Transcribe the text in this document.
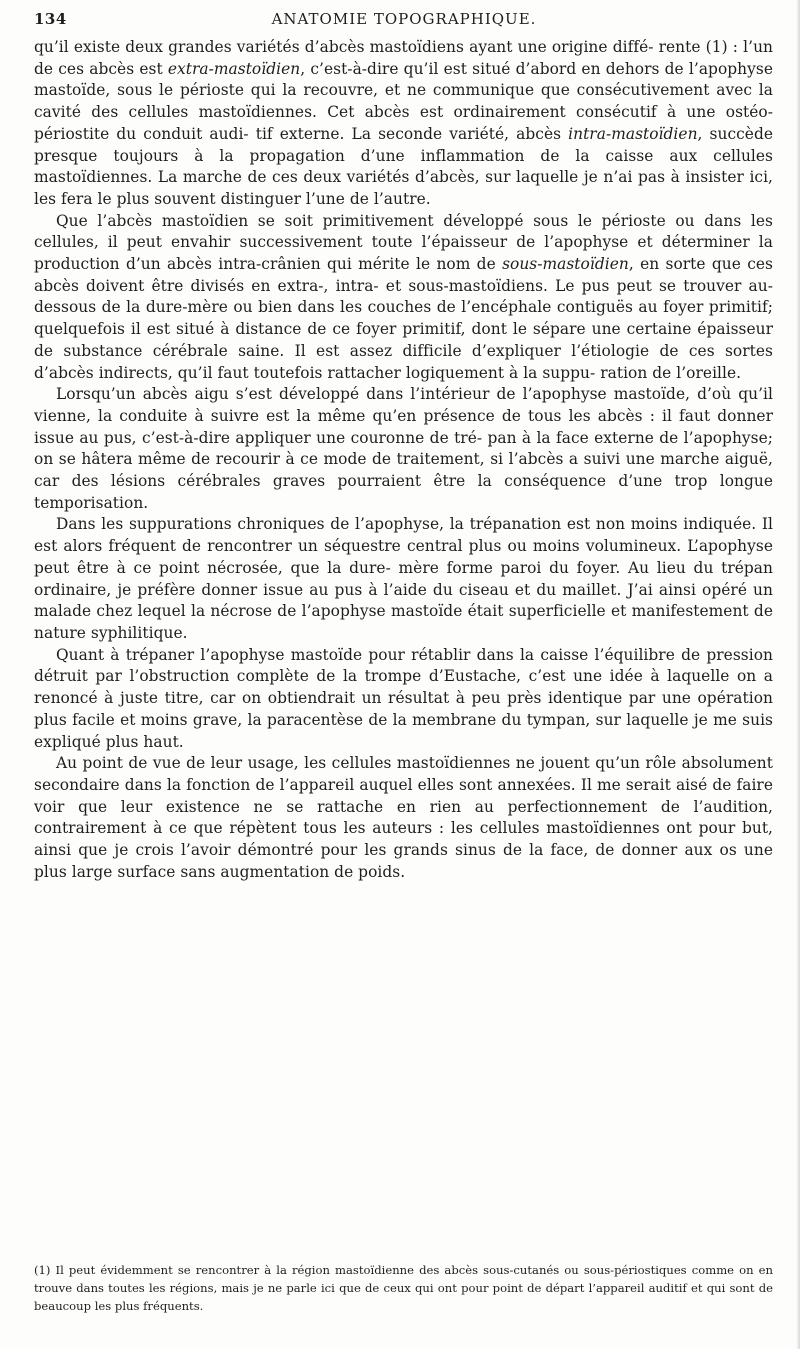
134	ANATOMIE TOPOGRAPHIQUE.

qu’il existe deux grandes variétés d’abcès mastoïdiens ayant une origine diffé- rente (1) : l’un de ces abcès est extra-mastoïdien, c’est-à-dire qu’il est situé d’abord en dehors de l’apophyse mastoïde, sous le périoste qui la recouvre, et ne communique que consécutivement avec la cavité des cellules mastoïdiennes. Cet abcès est ordinairement consécutif à une ostéo-périostite du conduit audi- tif externe. La seconde variété, abcès intra-mastoïdien, succède presque toujours à la propagation d’une inflammation de la caisse aux cellules mastoïdiennes. La marche de ces deux variétés d’abcès, sur laquelle je n’ai pas à insister ici, les fera le plus souvent distinguer l’une de l’autre.

Que l’abcès mastoïdien se soit primitivement développé sous le périoste ou dans les cellules, il peut envahir successivement toute l’épaisseur de l’apophyse et déterminer la production d’un abcès intra-crânien qui mérite le nom de sous-mastoïdien, en sorte que ces abcès doivent être divisés en extra-, intra- et sous-mastoïdiens. Le pus peut se trouver au-dessous de la dure-mère ou bien dans les couches de l’encéphale contiguës au foyer primitif; quelquefois il est situé à distance de ce foyer primitif, dont le sépare une certaine épaisseur de substance cérébrale saine. Il est assez difficile d’expliquer l’étiologie de ces sortes d’abcès indirects, qu’il faut toutefois rattacher logiquement à la suppu- ration de l’oreille.

Lorsqu’un abcès aigu s’est développé dans l’intérieur de l’apophyse mastoïde, d’où qu’il vienne, la conduite à suivre est la même qu’en présence de tous les abcès : il faut donner issue au pus, c’est-à-dire appliquer une couronne de tré- pan à la face externe de l’apophyse; on se hâtera même de recourir à ce mode de traitement, si l’abcès a suivi une marche aiguë, car des lésions cérébrales graves pourraient être la conséquence d’une trop longue temporisation.

Dans les suppurations chroniques de l’apophyse, la trépanation est non moins indiquée. Il est alors fréquent de rencontrer un séquestre central plus ou moins volumineux. L’apophyse peut être à ce point nécrosée, que la dure- mère forme paroi du foyer. Au lieu du trépan ordinaire, je préfère donner issue au pus à l’aide du ciseau et du maillet. J’ai ainsi opéré un malade chez lequel la nécrose de l’apophyse mastoïde était superficielle et manifestement de nature syphilitique.

Quant à trépaner l’apophyse mastoïde pour rétablir dans la caisse l’équilibre de pression détruit par l’obstruction complète de la trompe d’Eustache, c’est une idée à laquelle on a renoncé à juste titre, car on obtiendrait un résultat à peu près identique par une opération plus facile et moins grave, la paracentèse de la membrane du tympan, sur laquelle je me suis expliqué plus haut.

Au point de vue de leur usage, les cellules mastoïdiennes ne jouent qu’un rôle absolument secondaire dans la fonction de l’appareil auquel elles sont annexées. Il me serait aisé de faire voir que leur existence ne se rattache en rien au perfectionnement de l’audition, contrairement à ce que répètent tous les auteurs : les cellules mastoïdiennes ont pour but, ainsi que je crois l’avoir démontré pour les grands sinus de la face, de donner aux os une plus large surface sans augmentation de poids.

(1) Il peut évidemment se rencontrer à la région mastoïdienne des abcès sous-cutanés ou sous-périostiques comme on en trouve dans toutes les régions, mais je ne parle ici que de ceux qui ont pour point de départ l’appareil auditif et qui sont de beaucoup les plus fréquents.
